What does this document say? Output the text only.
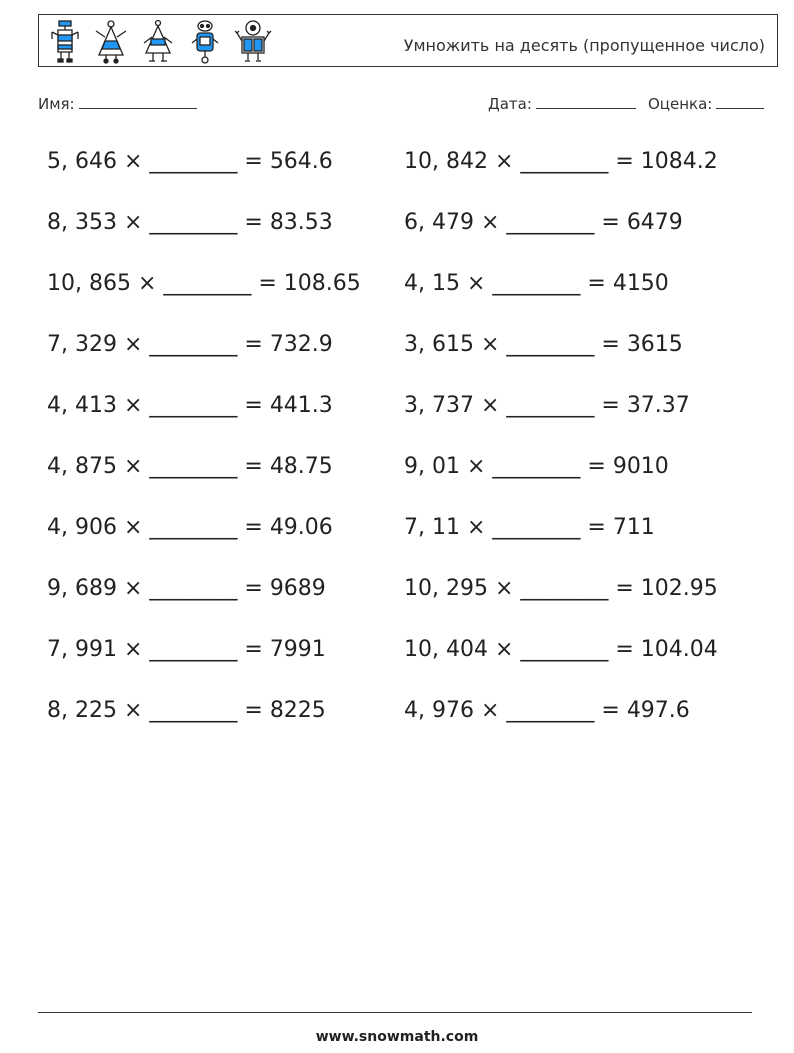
Умножить на десять (пропущенное число)
Имя:	Дата:	Оценка:
5, 646 × ________ = 564.6
8, 353 × ________ = 83.53
10, 865 × ________ = 108.65
7, 329 × ________ = 732.9
4, 413 × ________ = 441.3
4, 875 × ________ = 48.75
4, 906 × ________ = 49.06
9, 689 × ________ = 9689
7, 991 × ________ = 7991
8, 225 × ________ = 8225
10, 842 × ________ = 1084.2
6, 479 × ________ = 6479
4, 15 × ________ = 4150
3, 615 × ________ = 3615
3, 737 × ________ = 37.37
9, 01 × ________ = 9010
7, 11 × ________ = 711
10, 295 × ________ = 102.95
10, 404 × ________ = 104.04
4, 976 × ________ = 497.6
www.snowmath.com
